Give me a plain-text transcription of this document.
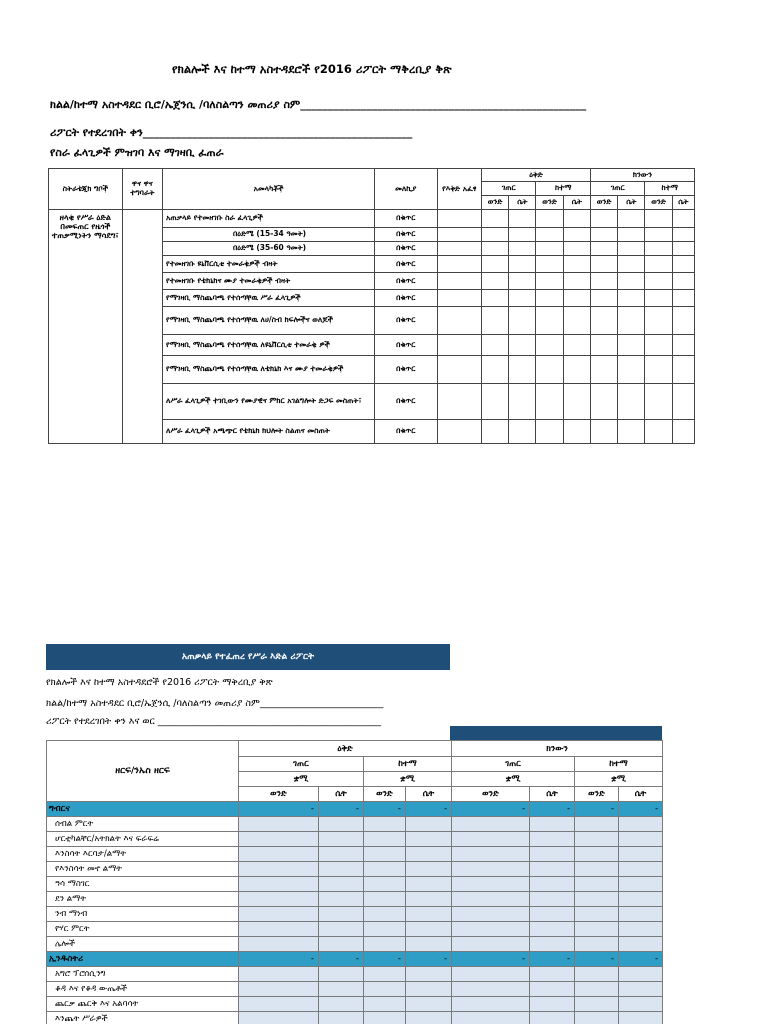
የክልሎች እና ከተማ አስተዳደሮች የ2016 ሪፖርት ማቅረቢያ ቅጽ
ክልል/ከተማ አስተዳደር ቢሮ/ኤጀንሲ /ባለስልጣን መጠሪያ ስም____________________________________________________
ሪፖርት የተደረገበት ቀን_________________________________________________
የስራ ፈላጊዎች ምዝገባ እና ማገዛቢ ፈጠራ
ስትራቴጂክ ግቦች	ዋና ዋና ተግባራት	አመላካቾች	መለኪያ	የእቅድ አፈፃ	ዕቅድ				ክንውን			
					ገጠር		ከተማ		ገጠር		ከተማ	
					ወንድ	ሴት	ወንድ	ሴት	ወንድ	ሴት	ወንድ	ሴት
ዘላቂ የሥራ ዕድል በመፍጠር የዜጎች ተጠቃሚነትን ማሳደግ፣		አጠቃላይ የተመዘገቡ ስራ ፈላጊዎች	በቁጥር									
		በዕድሜ (15-34 ዓመት)	በቁጥር									
		በዕድሜ (35-60 ዓመት)	በቁጥር									
		የተመዘገቡ ዩኒቨርሲቲ ተመራቂዎች ብዛት	በቁጥር									
		የተመዘገቡ የቴክኒክና ሙያ ተመራቂዎች ብዛት	በቁጥር									
		የማገዛቢ ማስጨባጫ የተሰጣቸዉ ሥራ ፈላጊዎች	በቁጥር									
		የማገዛቢ ማስጨባጫ የተሰጣቸዉ ለሀ/ስብ ክፍሎችና ወለጆች	በቁጥር									
		የማገዛቢ ማስጨባጫ የተሰጣቸዉ ለዩኒቨርሲቲ ተመራቂ ዎች	በቁጥር									
		የማገዛቢ ማስጨባጫ የተሰጣቸዉ ለቴክኒክ እና ሙያ ተመራቂዎች	በቁጥር									
		ለሥራ ፈላጊዎች ተገቢውን የሙያዊና ምክር አገልግሎት ድጋፍ መስጠት፣	በቁጥር									
		ለሥራ ፈላጊዎች አጫጭር የቴክኒክ ክህሎት ስልጠና መስጠት	በቁጥር									
አጠቃላይ የተፈጠረ የሥራ እድል ሪፖርት
የክልሎች እና ከተማ አስተዳደሮች የ2016 ሪፖርት ማቅረቢያ ቅጽ
ክልል/ከተማ አስተዳደር ቢሮ/ኤጀንሲ /ባለስልጣን መጠሪያ ስም__________________________
ሪፖርት የተደረገበት ቀን እና ወር _______________________________________________
ዘርፍ/ንኡስ ዘርፍ	ዕቅድ				ክንውን			
	ገጠር		ከተማ		ገጠር		ከተማ	
	ቋሚ		ቋሚ		ቋሚ		ቋሚ	
	ወንድ	ሴት	ወንድ	ሴት	ወንድ	ሴት	ወንድ	ሴት
ግብርና	-	-	-	-	-	-	-	-
ሰብል ምርት								
ሆርቲካልቸር/አትክልት እና ፍራፍሬ								
እንስሳት እርባታ/ልማት								
የእንስሳት መኖ ልማት								
ዓሳ ማስገር								
ደን ልማት								
ንብ ማነብ								
የሃር ምርት								
ሌሎች								
ኢንዱስትሪ	-	-	-	-	-	-	-	-
አግሮ ፕሮሰሲንግ								
ቆዳ እና የቆዳ ውጤቶች								
ጨርቃ ጨርቅ እና አልባሳት								
እንጨት ሥራዎች								
